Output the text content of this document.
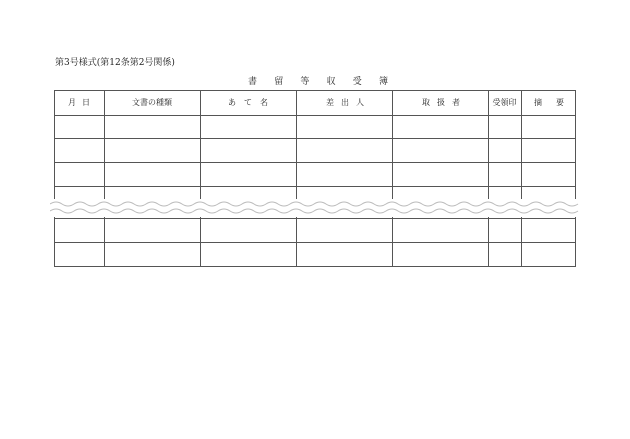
第3号様式(第12条第2号関係)
書 留 等 収 受 簿
月 日	文書の種類	あ て 名	差 出 人	取 扱 者	受領印	摘 要
